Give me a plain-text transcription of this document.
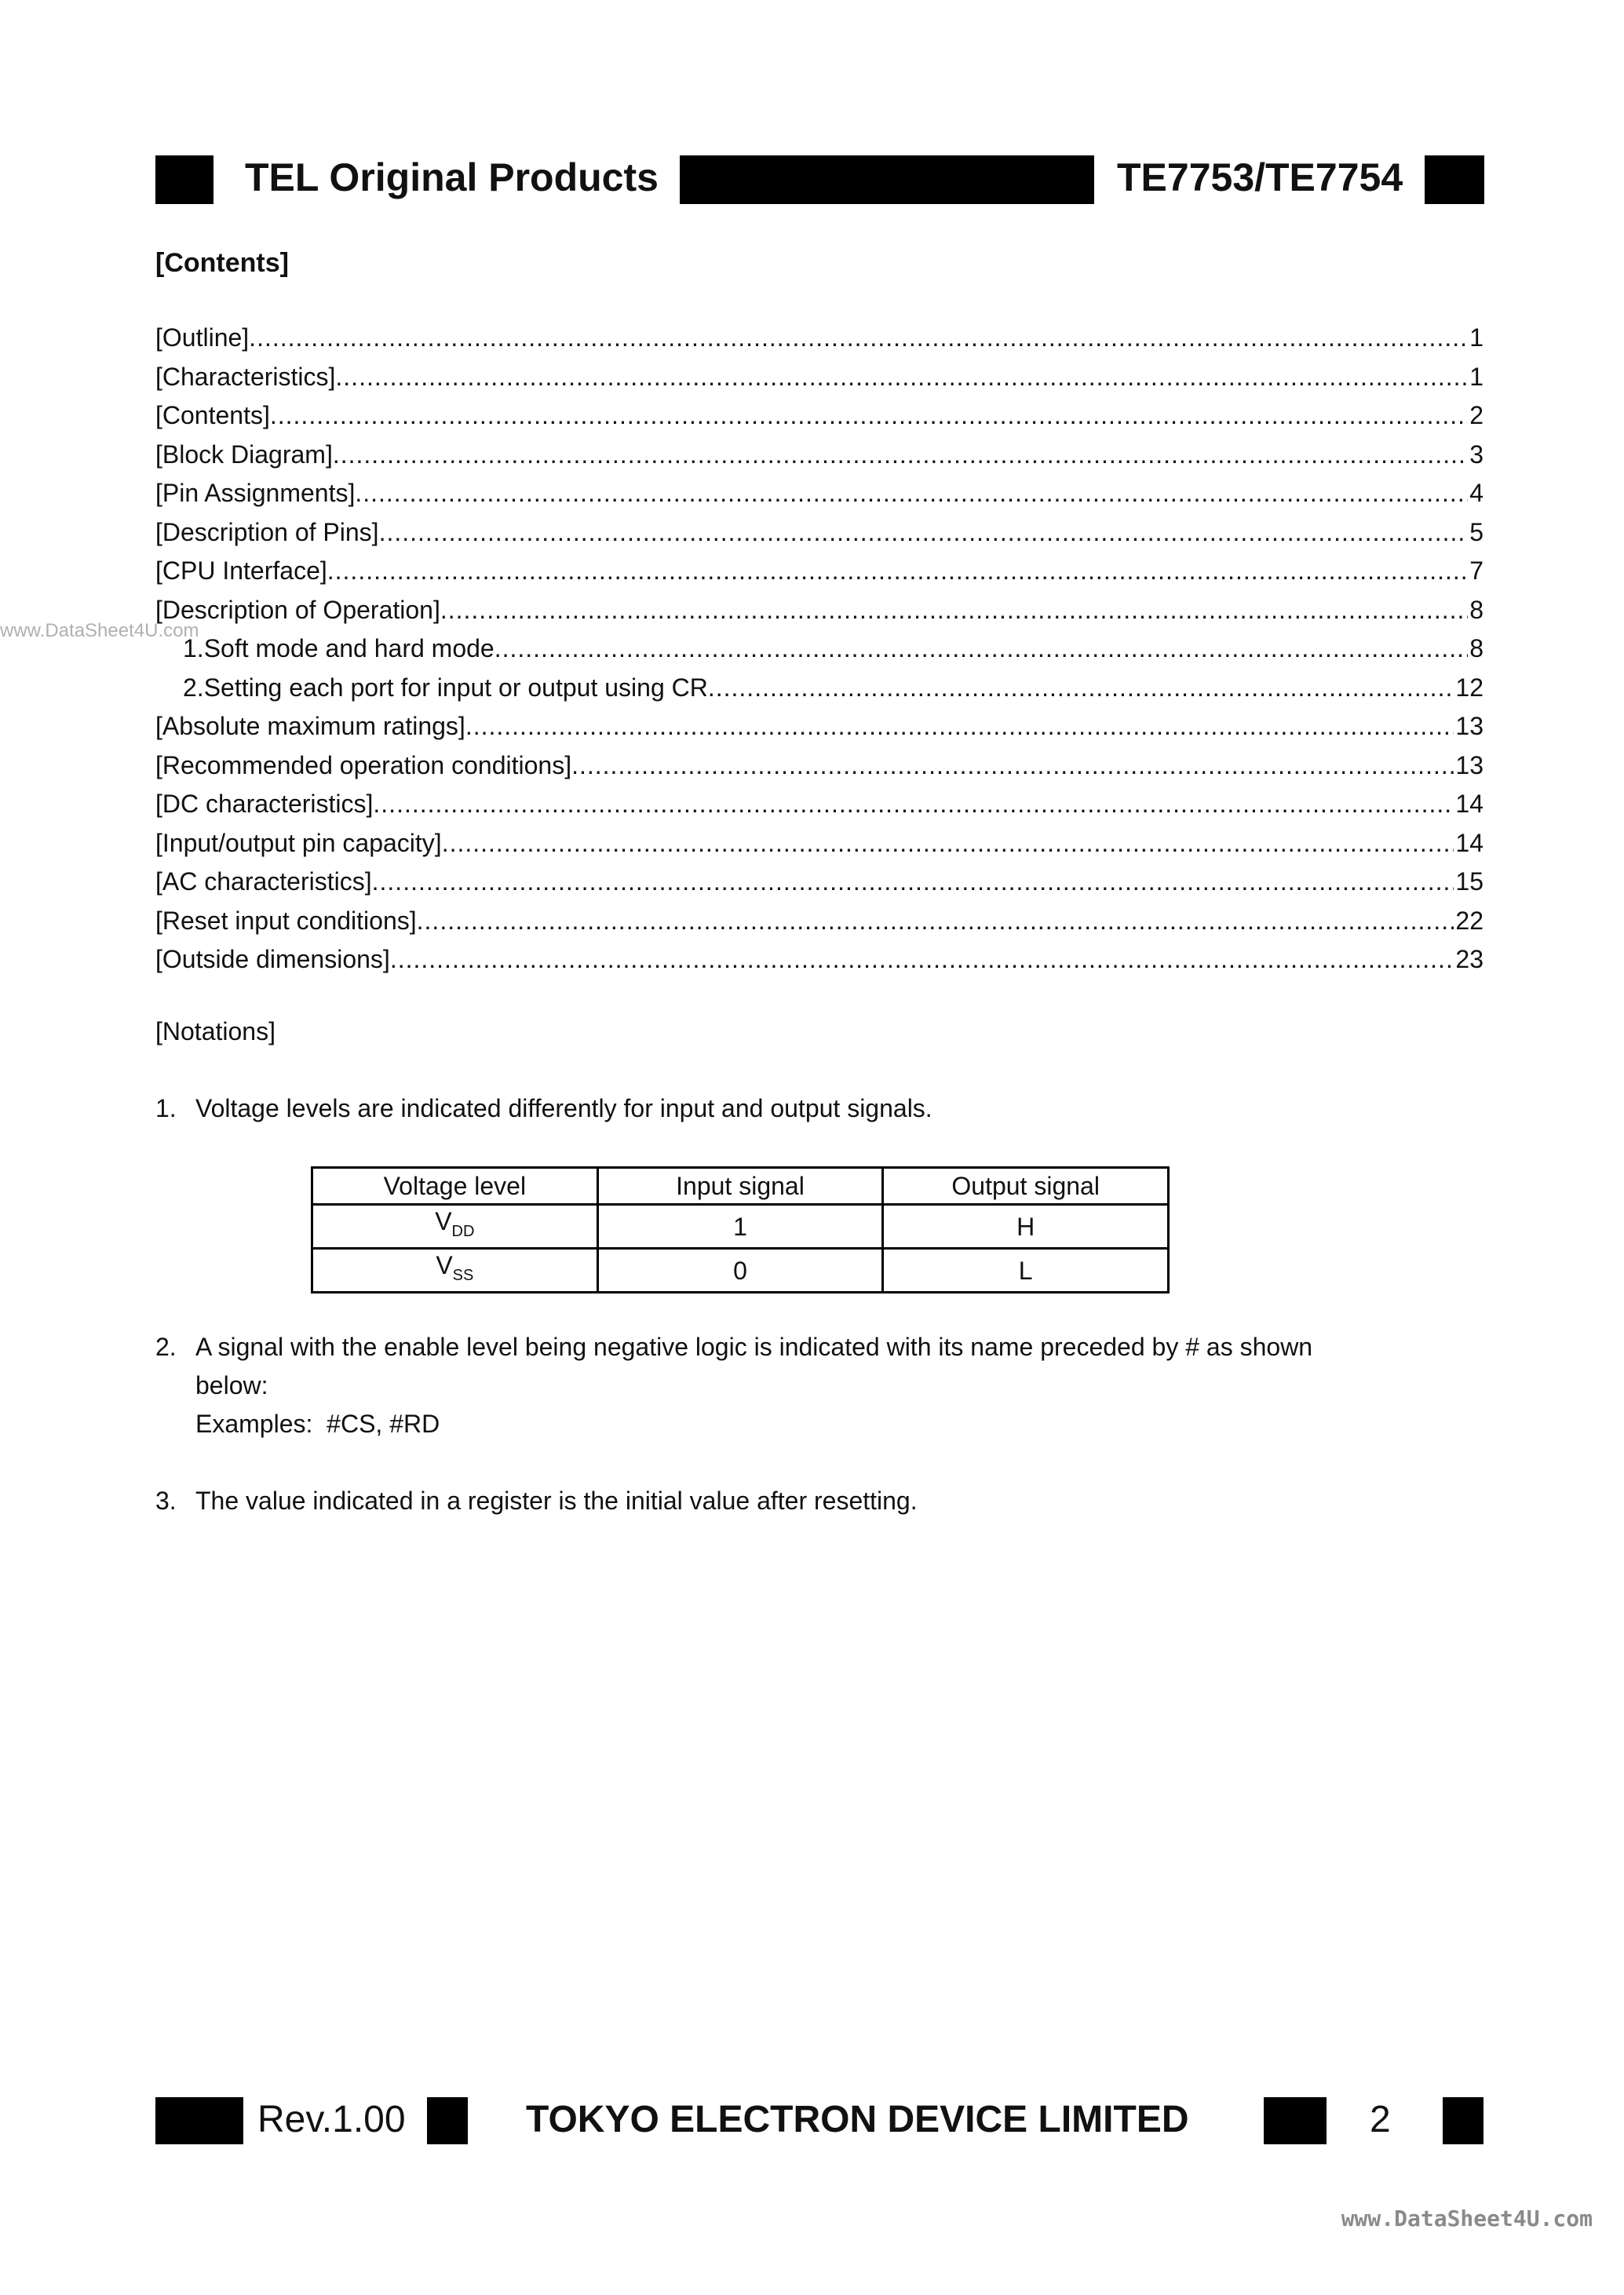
TEL Original Products	TE7753/TE7754
[Contents]
www.DataSheet4U.com
[Outline] .....	1
[Characteristics] .....	1
[Contents] .....	2
[Block Diagram] .....	3
[Pin Assignments] .....	4
[Description of Pins] .....	5
[CPU Interface] .....	7
[Description of Operation] .....	8
1. Soft mode and hard mode .....	8
2. Setting each port for input or output using CR .....	12
[Absolute maximum ratings] .....	13
[Recommended operation conditions] .....	13
[DC characteristics] .....	14
[Input/output pin capacity] .....	14
[AC characteristics] .....	15
[Reset input conditions] .....	22
[Outside dimensions] .....	23
[Notations]
1. Voltage levels are indicated differently for input and output signals.
Voltage level	Input signal	Output signal
$V_{DD}$	1	H
$V_{SS}$	0	L
2. A signal with the enable level being negative logic is indicated with its name preceded by # as shown
below:
Examples:  #CS, #RD
3. The value indicated in a register is the initial value after resetting.
Rev.1.00	TOKYO ELECTRON DEVICE LIMITED	2
www.DataSheet4U.com
